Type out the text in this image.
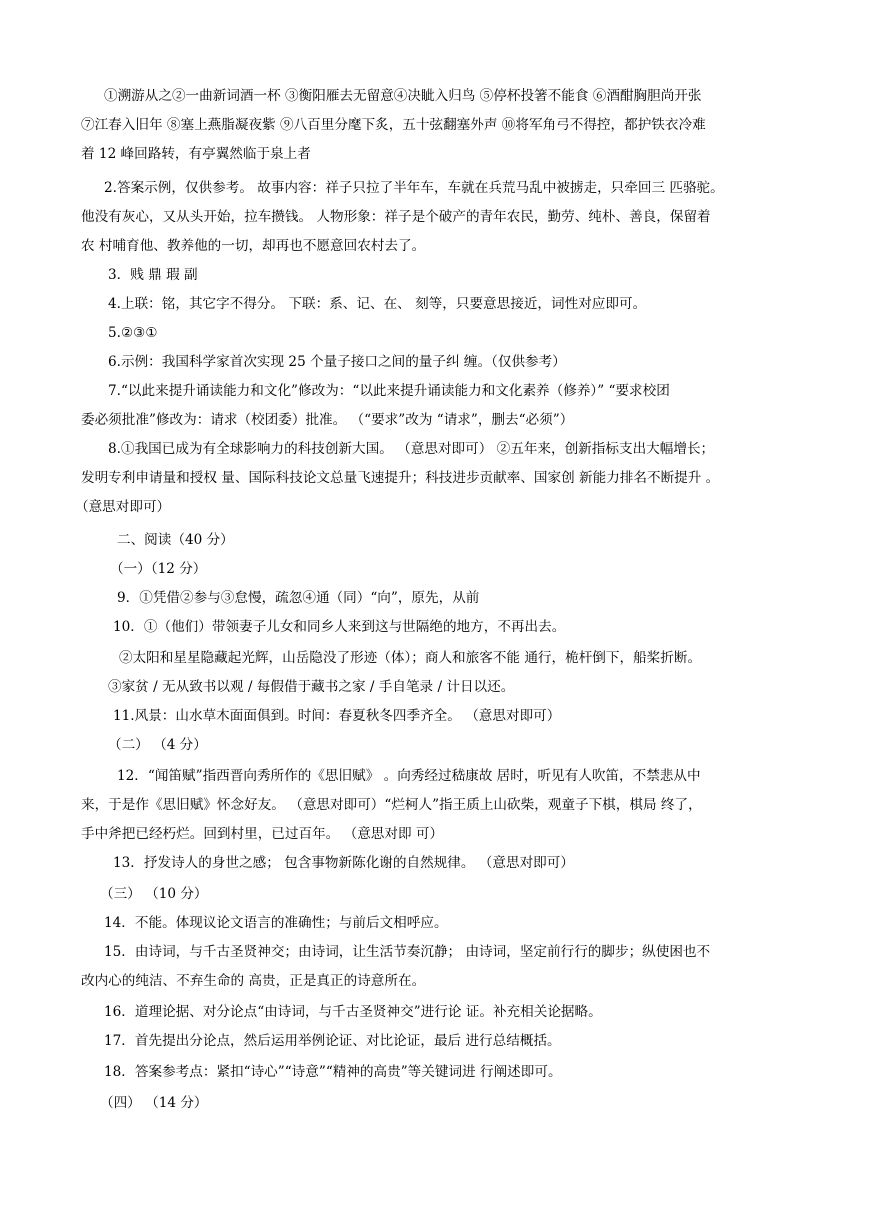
①溯游从之②一曲新词酒一杯 ③衡阳雁去无留意④决眦入归鸟 ⑤停杯投箸不能食 ⑥酒酣胸胆尚开张
⑦江春入旧年 ⑧塞上燕脂凝夜紫 ⑨八百里分麾下炙，五十弦翻塞外声 ⑩将军角弓不得控，都护铁衣冷难
着 12 峰回路转，有亭翼然临于泉上者
2.答案示例，仅供参考。 故事内容：祥子只拉了半年车，车就在兵荒马乱中被掳走，只牵回三 匹骆驼。
他没有灰心，又从头开始，拉车攒钱。 人物形象：祥子是个破产的青年农民，勤劳、纯朴、善良，保留着
农 村哺育他、教养他的一切，却再也不愿意回农村去了。
3．贱 鼎 瑕 副
4.上联：铭，其它字不得分。 下联：系、记、在、 刻等，只要意思接近，词性对应即可。
5.②③①
6.示例：我国科学家首次实现 25 个量子接口之间的量子纠 缠。（仅供参考）
7.“以此来提升诵读能力和文化”修改为：“以此来提升诵读能力和文化素养（修养）” “要求校团
委必须批准”修改为：请求（校团委）批准。 （“要求”改为 “请求”，删去“必须”）
8.①我国已成为有全球影响力的科技创新大国。 （意思对即可） ②五年来，创新指标支出大幅增长；
发明专利申请量和授权 量、国际科技论文总量飞速提升；科技进步贡献率、国家创 新能力排名不断提升 。
（意思对即可）
二、阅读（40 分）
（一）（12 分）
9．①凭借②参与③怠慢，疏忽④通（同）“向”，原先，从前
10．①（他们）带领妻子儿女和同乡人来到这与世隔绝的地方，不再出去。
②太阳和星星隐藏起光辉，山岳隐没了形迹（体）；商人和旅客不能 通行，桅杆倒下，船桨折断。
③家贫 / 无从致书以观 / 每假借于藏书之家 / 手自笔录 / 计日以还。
11.风景：山水草木面面俱到。时间：春夏秋冬四季齐全。 （意思对即可）
（二） （4 分）
12．“闻笛赋”指西晋向秀所作的《思旧赋》 。向秀经过嵇康故 居时，听见有人吹笛，不禁悲从中
来，于是作《思旧赋》怀念好友。 （意思对即可）“烂柯人”指王质上山砍柴，观童子下棋，棋局 终了，
手中斧把已经朽烂。回到村里，已过百年。 （意思对即 可）
13．抒发诗人的身世之感； 包含事物新陈化谢的自然规律。 （意思对即可）
（三） （10 分）
14．不能。体现议论文语言的准确性；与前后文相呼应。
15．由诗词，与千古圣贤神交；由诗词，让生活节奏沉静； 由诗词，坚定前行行的脚步；纵使困也不
改内心的纯洁、不弃生命的 高贵，正是真正的诗意所在。
16．道理论据、对分论点“由诗词，与千古圣贤神交”进行论 证。补充相关论据略。
17．首先提出分论点，然后运用举例论证、对比论证，最后 进行总结概括。
18．答案参考点：紧扣“诗心”“诗意”“精神的高贵”等关键词进 行阐述即可。
（四） （14 分）
